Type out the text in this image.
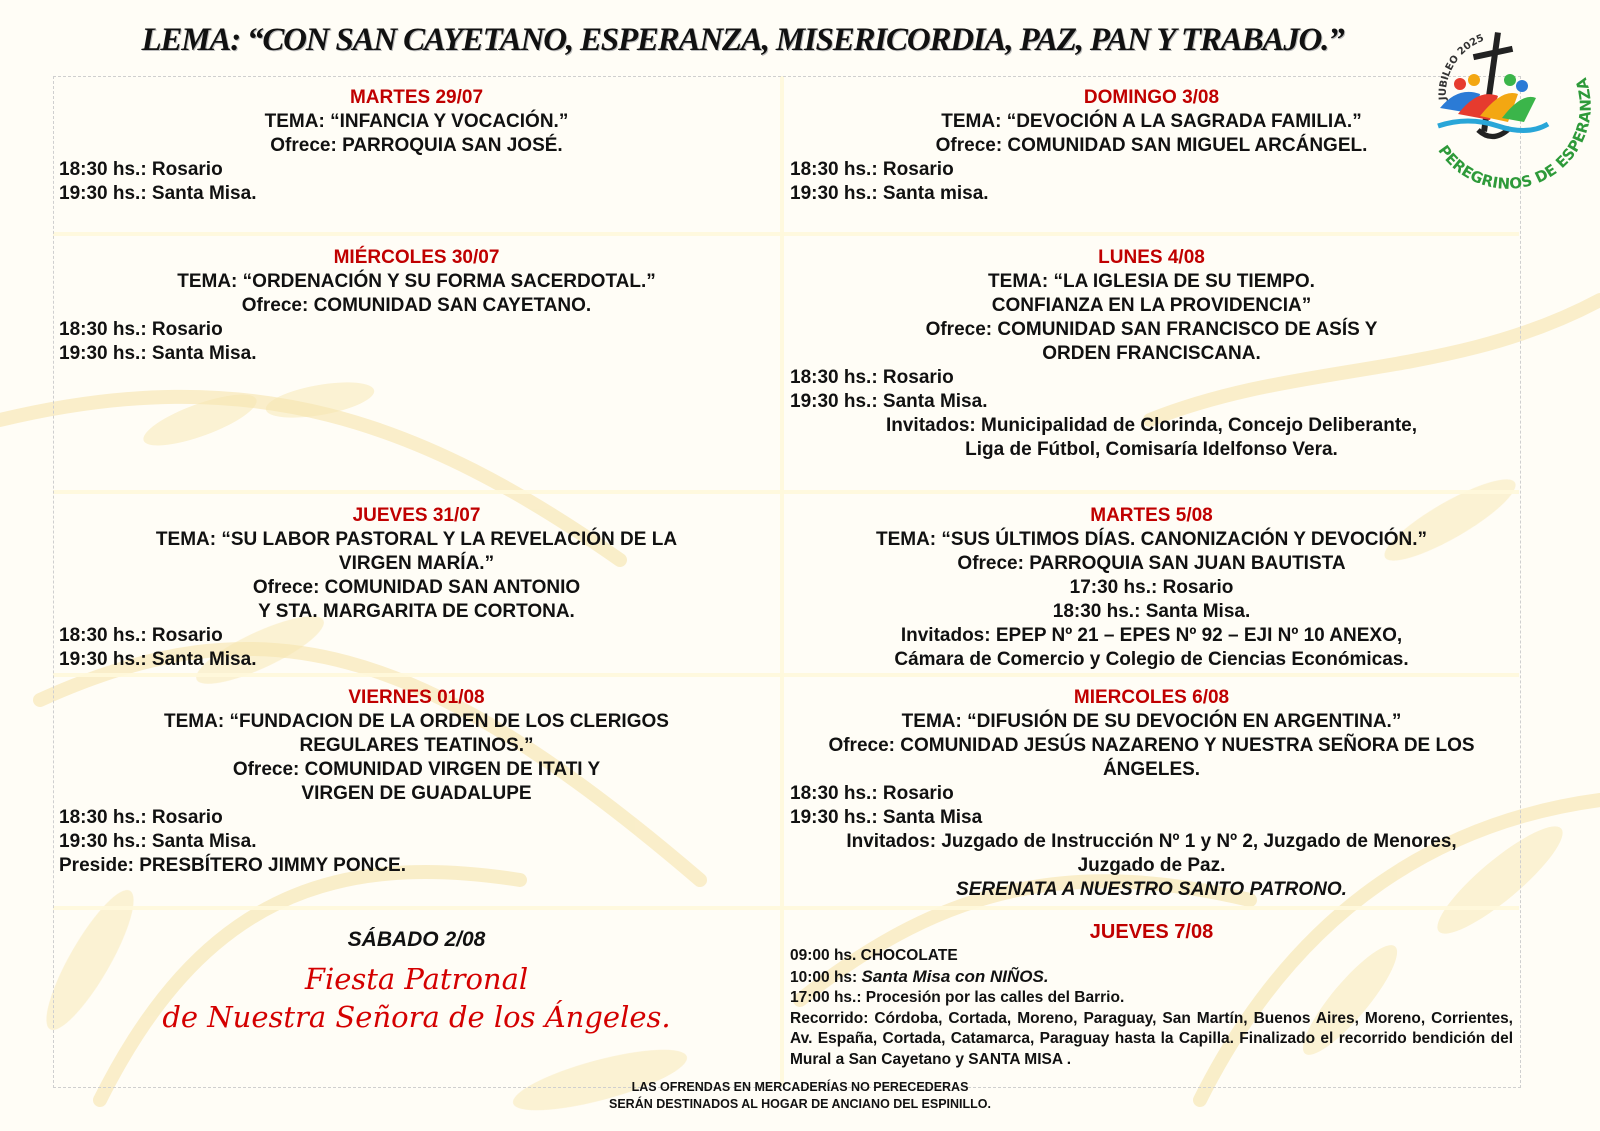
LEMA: “CON SAN CAYETANO, ESPERANZA, MISERICORDIA, PAZ, PAN Y TRABAJO.”
JUBILEO 2025
PEREGRINOS DE ESPERANZA
MARTES 29/07
TEMA: “INFANCIA Y VOCACIÓN.”
Ofrece: PARROQUIA SAN JOSÉ.
18:30 hs.: Rosario
19:30 hs.: Santa Misa.
MIÉRCOLES 30/07
TEMA: “ORDENACIÓN Y SU FORMA SACERDOTAL.”
Ofrece: COMUNIDAD SAN CAYETANO.
18:30 hs.: Rosario
19:30 hs.: Santa Misa.
JUEVES 31/07
TEMA: “SU LABOR PASTORAL Y LA REVELACIÓN DE LA
VIRGEN MARÍA.”
Ofrece: COMUNIDAD SAN ANTONIO
Y STA. MARGARITA DE CORTONA.
18:30 hs.: Rosario
19:30 hs.: Santa Misa.
VIERNES 01/08
TEMA: “FUNDACION DE LA ORDEN DE LOS CLERIGOS
REGULARES TEATINOS.”
Ofrece: COMUNIDAD VIRGEN DE ITATI Y
VIRGEN DE GUADALUPE
18:30 hs.: Rosario
19:30 hs.: Santa Misa.
Preside: PRESBÍTERO JIMMY PONCE.
SÁBADO 2/08
Fiesta Patronal
de Nuestra Señora de los Ángeles.
DOMINGO 3/08
TEMA: “DEVOCIÓN A LA SAGRADA FAMILIA.”
Ofrece: COMUNIDAD SAN MIGUEL ARCÁNGEL.
18:30 hs.: Rosario
19:30 hs.: Santa misa.
LUNES 4/08
TEMA: “LA IGLESIA DE SU TIEMPO.
CONFIANZA EN LA PROVIDENCIA”
Ofrece: COMUNIDAD SAN FRANCISCO DE ASÍS Y
ORDEN FRANCISCANA.
18:30 hs.: Rosario
19:30 hs.: Santa Misa.
Invitados: Municipalidad de Clorinda, Concejo Deliberante,
Liga de Fútbol, Comisaría Idelfonso Vera.
MARTES 5/08
TEMA: “SUS ÚLTIMOS DÍAS. CANONIZACIÓN Y DEVOCIÓN.”
Ofrece: PARROQUIA SAN JUAN BAUTISTA
17:30 hs.: Rosario
18:30 hs.: Santa Misa.
Invitados: EPEP Nº 21 – EPES Nº 92 – EJI Nº 10 ANEXO,
Cámara de Comercio y Colegio de Ciencias Económicas.
MIERCOLES 6/08
TEMA: “DIFUSIÓN DE SU DEVOCIÓN EN ARGENTINA.”
Ofrece: COMUNIDAD JESÚS NAZARENO Y NUESTRA SEÑORA DE LOS
ÁNGELES.
18:30 hs.: Rosario
19:30 hs.: Santa Misa
Invitados: Juzgado de Instrucción Nº 1 y Nº 2, Juzgado de Menores,
Juzgado de Paz.
SERENATA A NUESTRO SANTO PATRONO.
JUEVES 7/08
09:00 hs. CHOCOLATE
10:00 hs: Santa Misa con NIÑOS.
17:00 hs.: Procesión por las calles del Barrio.
Recorrido: Córdoba, Cortada, Moreno, Paraguay, San Martín, Buenos Aires, Moreno, Corrientes, Av. España, Cortada, Catamarca, Paraguay hasta la Capilla. Finalizado el recorrido bendición del Mural a San Cayetano y SANTA MISA .
LAS OFRENDAS EN MERCADERÍAS NO PERECEDERAS
SERÁN DESTINADOS AL HOGAR DE ANCIANO DEL ESPINILLO.
